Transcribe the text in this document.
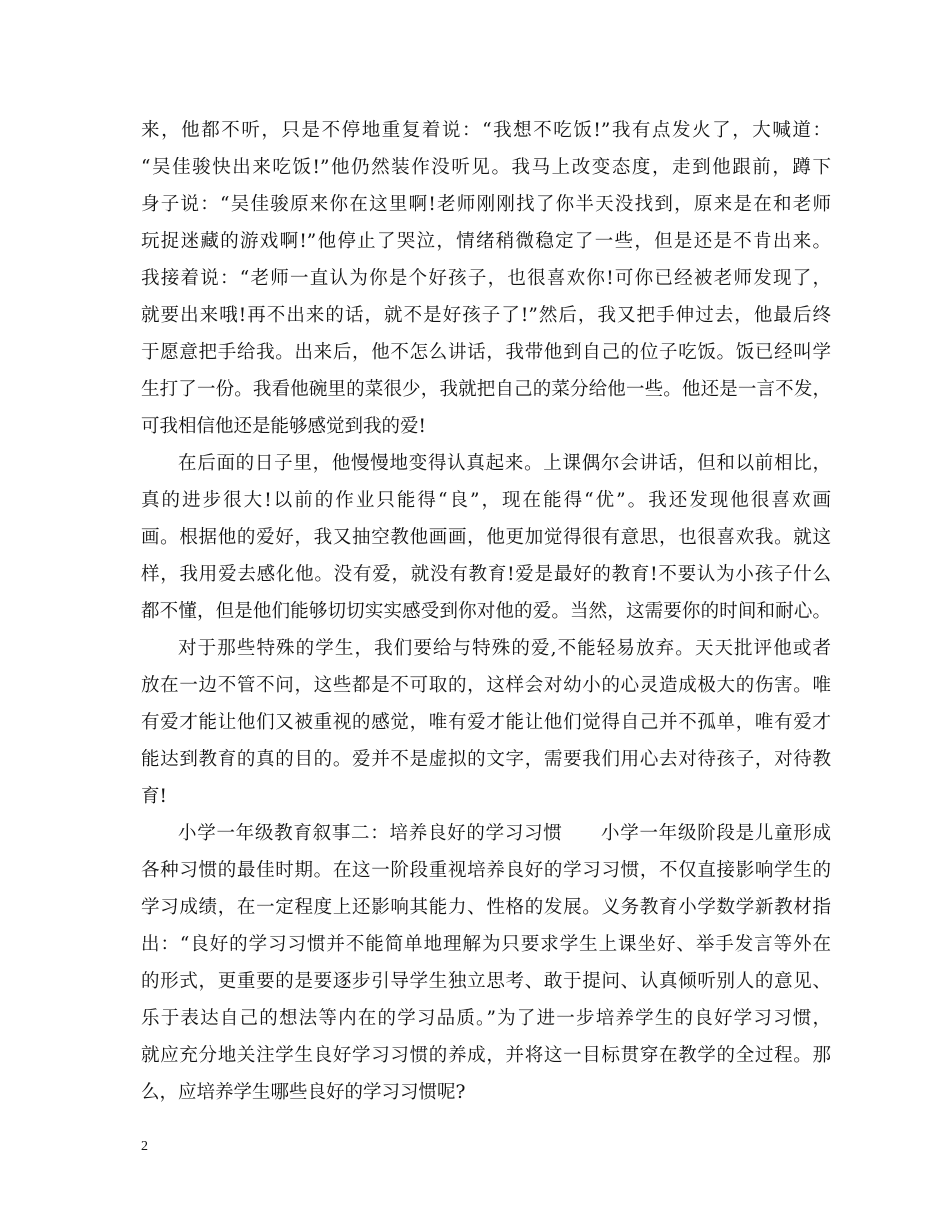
来，他都不听，只是不停地重复着说：“我想不吃饭!”我有点发火了，大喊道：
“吴佳骏快出来吃饭!”他仍然装作没听见。我马上改变态度，走到他跟前，蹲下
身子说：“吴佳骏原来你在这里啊!老师刚刚找了你半天没找到，原来是在和老师
玩捉迷藏的游戏啊!”他停止了哭泣，情绪稍微稳定了一些，但是还是不肯出来。
我接着说：“老师一直认为你是个好孩子，也很喜欢你!可你已经被老师发现了，
就要出来哦!再不出来的话，就不是好孩子了!”然后，我又把手伸过去，他最后终
于愿意把手给我。出来后，他不怎么讲话，我带他到自己的位子吃饭。饭已经叫学
生打了一份。我看他碗里的菜很少，我就把自己的菜分给他一些。他还是一言不发，
可我相信他还是能够感觉到我的爱!
在后面的日子里，他慢慢地变得认真起来。上课偶尔会讲话，但和以前相比，
真的进步很大!以前的作业只能得“良”，现在能得“优”。我还发现他很喜欢画
画。根据他的爱好，我又抽空教他画画，他更加觉得很有意思，也很喜欢我。就这
样，我用爱去感化他。没有爱，就没有教育!爱是最好的教育!不要认为小孩子什么
都不懂，但是他们能够切切实实感受到你对他的爱。当然，这需要你的时间和耐心。
对于那些特殊的学生，我们要给与特殊的爱,不能轻易放弃。天天批评他或者
放在一边不管不问，这些都是不可取的，这样会对幼小的心灵造成极大的伤害。唯
有爱才能让他们又被重视的感觉，唯有爱才能让他们觉得自己并不孤单，唯有爱才
能达到教育的真的目的。爱并不是虚拟的文字，需要我们用心去对待孩子，对待教
育!
小学一年级教育叙事二：培养良好的学习习惯　　小学一年级阶段是儿童形成
各种习惯的最佳时期。在这一阶段重视培养良好的学习习惯，不仅直接影响学生的
学习成绩，在一定程度上还影响其能力、性格的发展。义务教育小学数学新教材指
出：“良好的学习习惯并不能简单地理解为只要求学生上课坐好、举手发言等外在
的形式，更重要的是要逐步引导学生独立思考、敢于提问、认真倾听别人的意见、
乐于表达自己的想法等内在的学习品质。”为了进一步培养学生的良好学习习惯，
就应充分地关注学生良好学习习惯的养成，并将这一目标贯穿在教学的全过程。那
么，应培养学生哪些良好的学习习惯呢?
2
